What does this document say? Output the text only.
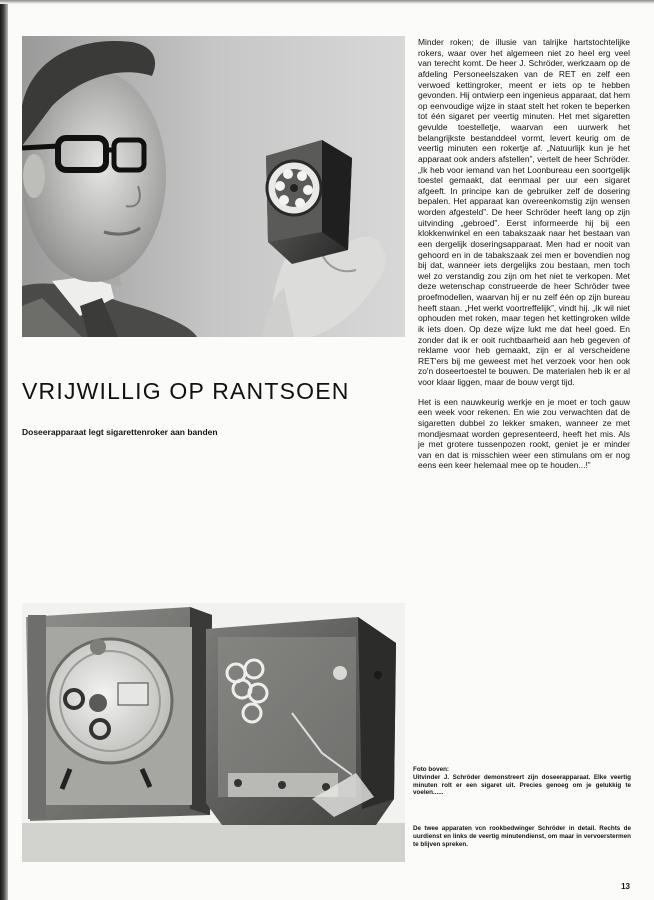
VRIJWILLIG OP RANTSOEN

Doseerapparaat legt sigarettenroker aan banden

Minder roken; de illusie van talrijke hartstochtelijke rokers, waar over het algemeen niet zo heel erg veel van terecht komt. De heer J. Schröder, werkzaam op de afdeling Personeelszaken van de RET en zelf een verwoed kettingroker, meent er iets op te hebben gevonden. Hij ontwierp een ingenieus apparaat, dat hem op eenvoudige wijze in staat stelt het roken te beperken tot één sigaret per veertig minuten. Het met sigaretten gevulde toestelletje, waarvan een uurwerk het belangrijkste bestanddeel vormt, levert keurig om de veertig minuten een rokertje af. „Natuurlijk kun je het apparaat ook anders afstellen”, vertelt de heer Schröder. „Ik heb voor iemand van het Loonbureau een soortgelijk toestel gemaakt, dat eenmaal per uur een sigaret afgeeft. In principe kan de gebruiker zelf de dosering bepalen. Het apparaat kan overeenkomstig zijn wensen worden afgesteld”. De heer Schröder heeft lang op zijn uitvinding „gebroed”. Eerst informeerde hij bij een klokkenwinkel en een tabakszaak naar het bestaan van een dergelijk doseringsapparaat. Men had er nooit van gehoord en in de tabakszaak zei men er bovendien nog bij dat, wanneer iets dergelijks zou bestaan, men toch wel zo verstandig zou zijn om het niet te verkopen. Met deze wetenschap construeerde de heer Schröder twee proefmodellen, waarvan hij er nu zelf één op zijn bureau heeft staan. „Het werkt voortreffelijk”, vindt hij. „Ik wil niet ophouden met roken, maar tegen het kettingroken wilde ik iets doen. Op deze wijze lukt me dat heel goed. En zonder dat ik er ooit ruchtbaarheid aan heb gegeven of reklame voor heb gemaakt, zijn er al verscheidene RET'ers bij me geweest met het verzoek voor hen ook zo'n doseertoestel te bouwen. De materialen heb ik er al voor klaar liggen, maar de bouw vergt tijd.

Het is een nauwkeurig werkje en je moet er toch gauw een week voor rekenen. En wie zou verwachten dat de sigaretten dubbel zo lekker smaken, wanneer ze met mondjesmaat worden gepresenteerd, heeft het mis. Als je met grotere tussenpozen rookt, geniet je er minder van en dat is misschien weer een stimulans om er nog eens een keer helemaal mee op te houden...!”

Foto boven:
Uitvinder J. Schröder demonstreert zijn doseerapparaat. Elke veertig minuten rolt er een sigaret uit. Precies genoeg om je gelukkig te voelen......

De twee apparaten vcn rookbedwinger Schröder in detail. Rechts de uurdienst en links de veertig minutendienst, om maar in vervoerstermen te blijven spreken.

13
